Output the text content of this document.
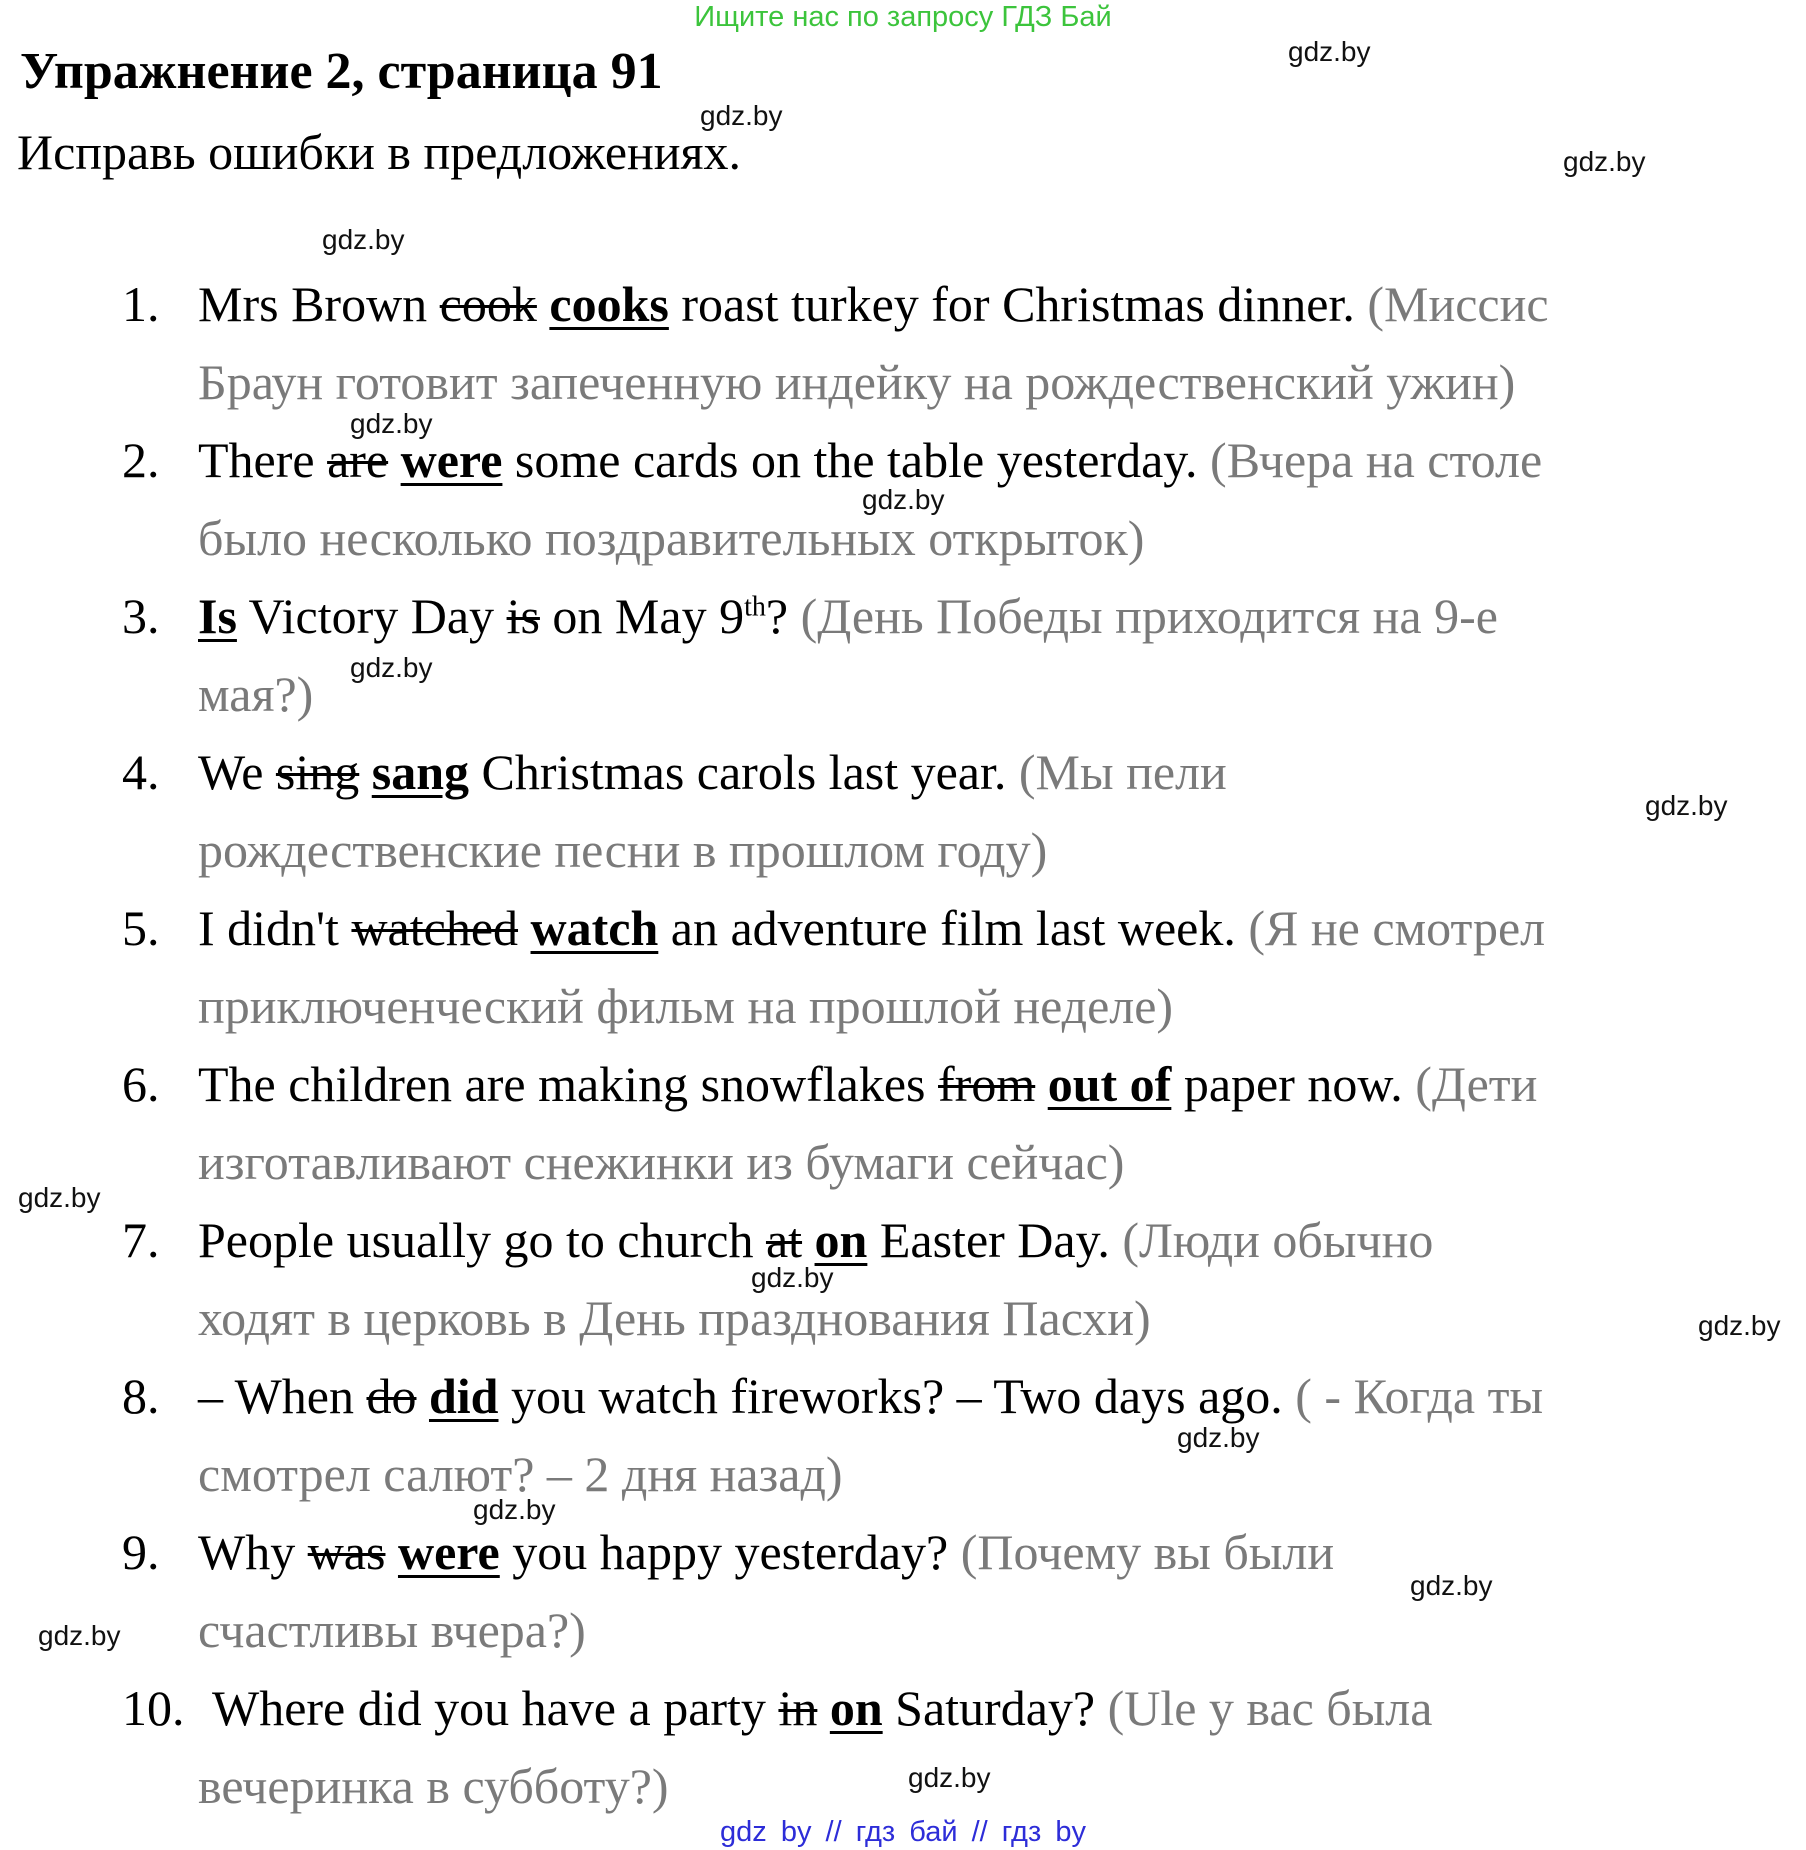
Ищите нас по запросу ГДЗ Бай
Упражнение 2, страница 91
Исправь ошибки в предложениях.
gdz.by
gdz.by
gdz.by
gdz.by
gdz.by
gdz.by
gdz.by
gdz.by
gdz.by
gdz.by
gdz.by
gdz.by
gdz.by
gdz.by
gdz.by
gdz.by
1. Mrs Brown cook cooks roast turkey for Christmas dinner. (Миссис
Браун готовит запеченную индейку на рождественский ужин)
2. There are were some cards on the table yesterday. (Вчера на столе
было несколько поздравительных открыток)
3. Is Victory Day is on May 9th? (День Победы приходится на 9-е
мая?)
4. We sing sang Christmas carols last year. (Мы пели
рождественские песни в прошлом году)
5. I didn't watched watch an adventure film last week. (Я не смотрел
приключенческий фильм на прошлой неделе)
6. The children are making snowflakes from out of paper now. (Дети
изготавливают снежинки из бумаги сейчас)
7. People usually go to church at on Easter Day. (Люди обычно
ходят в церковь в День празднования Пасхи)
8. – When do did you watch fireworks? – Two days ago. ( - Когда ты
смотрел салют? – 2 дня назад)
9. Why was were you happy yesterday? (Почему вы были
счастливы вчера?)
10. Where did you have a party in on Saturday? (Ulе у вас была
вечеринка в субботу?)
gdz by // гдз бай // гдз by
